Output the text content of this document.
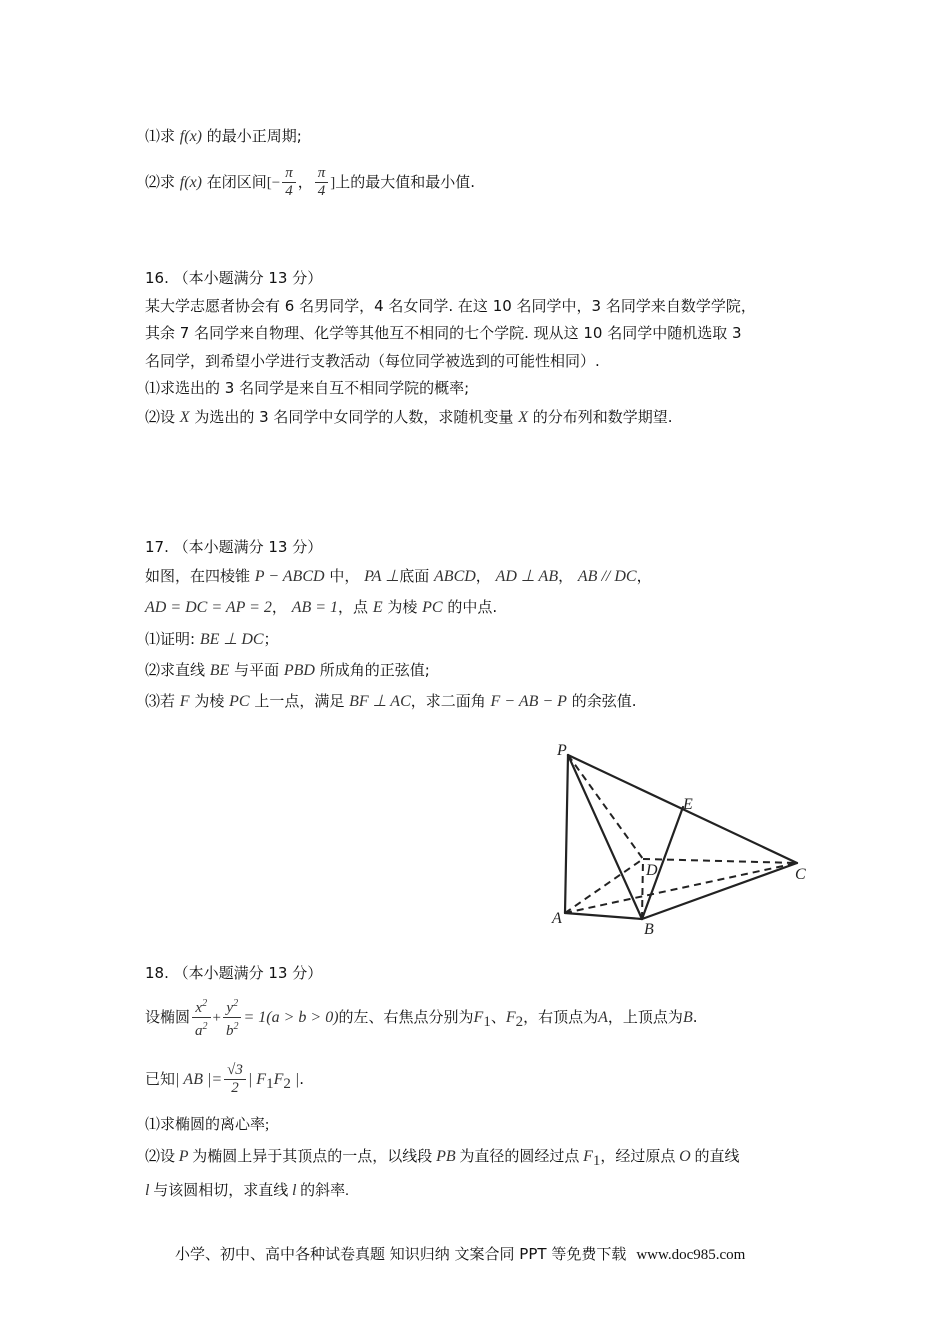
⑴求 f(x) 的最小正周期;
⑵求 f(x) 在闭区间[− $\frac{\pi}{4}$ ， $\frac{\pi}{4}$ ]上的最大值和最小值.
16. （本小题满分 13 分）
某大学志愿者协会有 6 名男同学，4 名女同学. 在这 10 名同学中，3 名同学来自数学学院，
其余 7 名同学来自物理、化学等其他互不相同的七个学院. 现从这 10 名同学中随机选取 3
名同学，到希望小学进行支教活动（每位同学被选到的可能性相同）.
⑴求选出的 3 名同学是来自互不相同学院的概率;
⑵设 X 为选出的 3 名同学中女同学的人数，求随机变量 X 的分布列和数学期望.
17. （本小题满分 13 分）
如图，在四棱锥 P − ABCD 中， PA ⊥底面 ABCD， AD ⊥ AB， AB // DC，
AD = DC = AP = 2， AB = 1，点 E 为棱 PC 的中点.
⑴证明: BE ⊥ DC；
⑵求直线 BE 与平面 PBD 所成角的正弦值;
⑶若 F 为棱 PC 上一点，满足 BF ⊥ AC，求二面角 F − AB − P 的余弦值.
P
E
D	C
A
B
18. （本小题满分 13 分）
设椭圆 $\frac{x^2}{a^2} + \frac{y^2}{b^2} = 1(a > b > 0)$的左、右焦点分别为$F_1$、$F_2$，右顶点为A，上顶点为B.
已知| AB |= $\frac{√3}{2}$ | $F_1F_2$ |.
⑴求椭圆的离心率;
⑵设 P 为椭圆上异于其顶点的一点，以线段 PB 为直径的圆经过点 $F_1$，经过原点 O 的直线
l 与该圆相切，求直线 l 的斜率.
小学、初中、高中各种试卷真题 知识归纳 文案合同 PPT 等免费下载 www.doc985.com
